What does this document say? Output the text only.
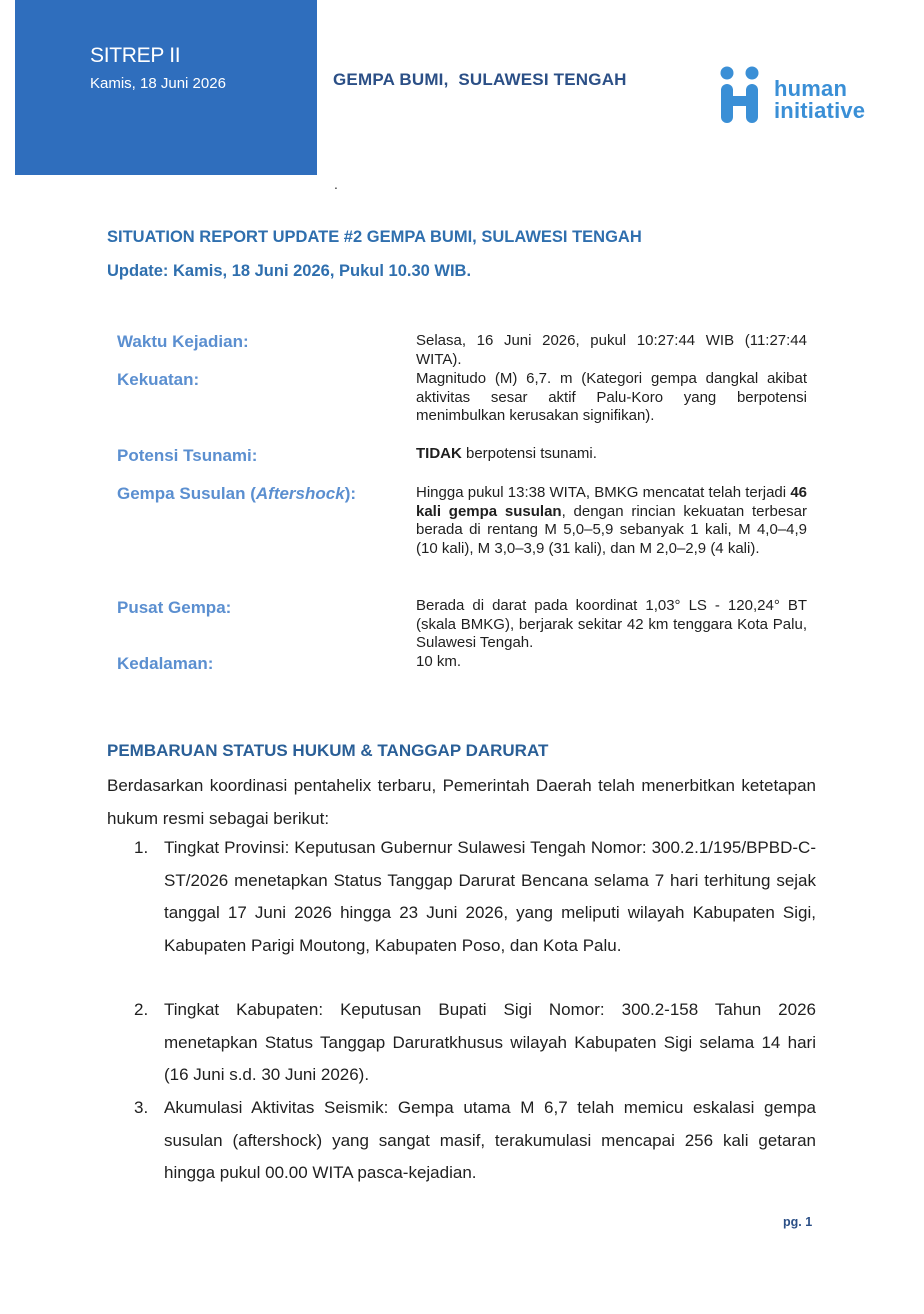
SITREP II
Kamis, 18 Juni 2026	GEMPA BUMI,  SULAWESI TENGAH	human
initiative
.
SITUATION REPORT UPDATE #2 GEMPA BUMI, SULAWESI TENGAH
Update: Kamis, 18 Juni 2026, Pukul 10.30 WIB.
Waktu Kejadian:	Selasa, 16 Juni 2026, pukul 10:27:44 WIB (11:27:44 WITA).
Kekuatan:	Magnitudo (M) 6,7. m (Kategori gempa dangkal akibat aktivitas sesar aktif Palu-Koro yang berpotensi menimbulkan kerusakan signifikan).
Potensi Tsunami:	TIDAK berpotensi tsunami.
Gempa Susulan (Aftershock):	Hingga pukul 13:38 WITA, BMKG mencatat telah terjadi 46 kali gempa susulan, dengan rincian kekuatan terbesar berada di rentang M 5,0–5,9 sebanyak 1 kali, M 4,0–4,9 (10 kali), M 3,0–3,9 (31 kali), dan M 2,0–2,9 (4 kali).
Pusat Gempa:	Berada di darat pada koordinat 1,03° LS - 120,24° BT (skala BMKG), berjarak sekitar 42 km tenggara Kota Palu, Sulawesi Tengah.
Kedalaman:	10 km.
PEMBARUAN STATUS HUKUM & TANGGAP DARURAT
Berdasarkan koordinasi pentahelix terbaru, Pemerintah Daerah telah menerbitkan ketetapan hukum resmi sebagai berikut:
1. Tingkat Provinsi: Keputusan Gubernur Sulawesi Tengah Nomor: 300.2.1/195/BPBD-C-ST/2026 menetapkan Status Tanggap Darurat Bencana selama 7 hari terhitung sejak tanggal 17 Juni 2026 hingga 23 Juni 2026, yang meliputi wilayah Kabupaten Sigi, Kabupaten Parigi Moutong, Kabupaten Poso, dan Kota Palu.
2. Tingkat Kabupaten: Keputusan Bupati Sigi Nomor: 300.2-158 Tahun 2026 menetapkan Status Tanggap Daruratkhusus wilayah Kabupaten Sigi selama 14 hari (16 Juni s.d. 30 Juni 2026).
3. Akumulasi Aktivitas Seismik: Gempa utama M 6,7 telah memicu eskalasi gempa susulan (aftershock) yang sangat masif, terakumulasi mencapai 256 kali getaran hingga pukul 00.00 WITA pasca-kejadian.
pg. 1
